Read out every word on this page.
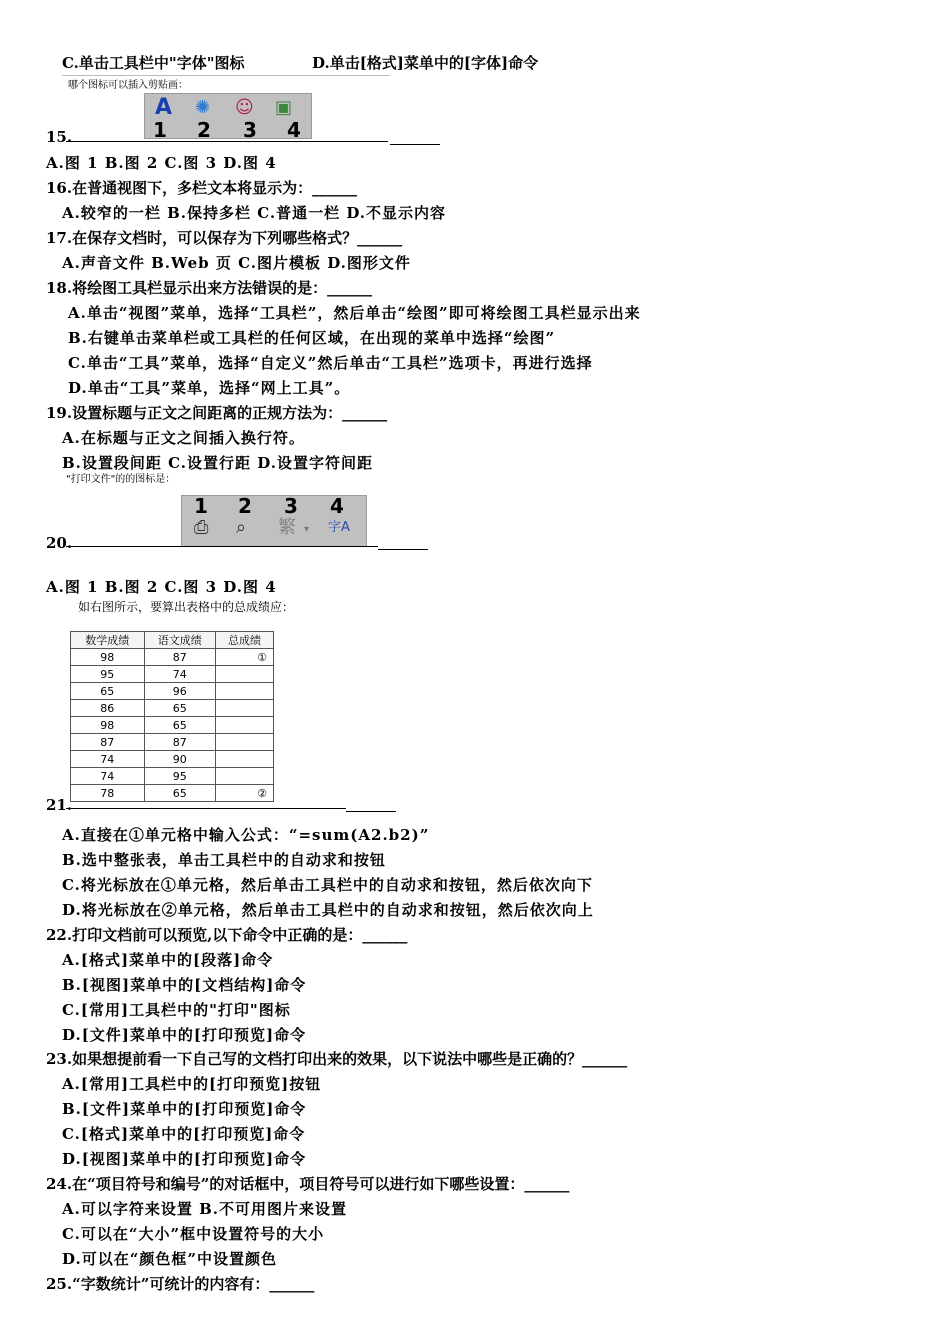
C.单击工具栏中"字体"图标	D.单击[格式]菜单中的[字体]命令
哪个图标可以插入剪贴画：
A ✺ ☺ ▣
1 2 3 4
15.
A.图 1 B.图 2 C.图 3 D.图 4
16.在普通视图下，多栏文本将显示为：______
A.较窄的一栏 B.保持多栏 C.普通一栏 D.不显示内容
17.在保存文档时，可以保存为下列哪些格式？______
A.声音文件 B.Web 页 C.图片模板 D.图形文件
18.将绘图工具栏显示出来方法错误的是：______
A.单击“视图”菜单，选择“工具栏”，然后单击“绘图”即可将绘图工具栏显示出来
B.右键单击菜单栏或工具栏的任何区域，在出现的菜单中选择“绘图”
C.单击“工具”菜单，选择“自定义”然后单击“工具栏”选项卡，再进行选择
D.单击“工具”菜单，选择“网上工具”。
19.设置标题与正文之间距离的正规方法为：______
A.在标题与正文之间插入换行符。
B.设置段间距 C.设置行距 D.设置字符间距
"打印文件"的的图标是：
1 2 3 4
⎙ ⌕ 繁 ▾ 字A
20.
A.图 1 B.图 2 C.图 3 D.图 4
如右图所示，要算出表格中的总成绩应：
数学成绩	语文成绩	总成绩
98	87	①
95	74	
65	96	
86	65	
98	65	
87	87	
74	90	
74	95	
78	65	②
21.
A.直接在①单元格中输入公式：“=sum(A2.b2)”
B.选中整张表，单击工具栏中的自动求和按钮
C.将光标放在①单元格，然后单击工具栏中的自动求和按钮，然后依次向下
D.将光标放在②单元格，然后单击工具栏中的自动求和按钮，然后依次向上
22.打印文档前可以预览,以下命令中正确的是：______
A.[格式]菜单中的[段落]命令
B.[视图]菜单中的[文档结构]命令
C.[常用]工具栏中的"打印"图标
D.[文件]菜单中的[打印预览]命令
23.如果想提前看一下自己写的文档打印出来的效果，以下说法中哪些是正确的？______
A.[常用]工具栏中的[打印预览]按钮
B.[文件]菜单中的[打印预览]命令
C.[格式]菜单中的[打印预览]命令
D.[视图]菜单中的[打印预览]命令
24.在“项目符号和编号”的对话框中，项目符号可以进行如下哪些设置：______
A.可以字符来设置 B.不可用图片来设置
C.可以在“大小”框中设置符号的大小
D.可以在“颜色框”中设置颜色
25.“字数统计”可统计的内容有：______
